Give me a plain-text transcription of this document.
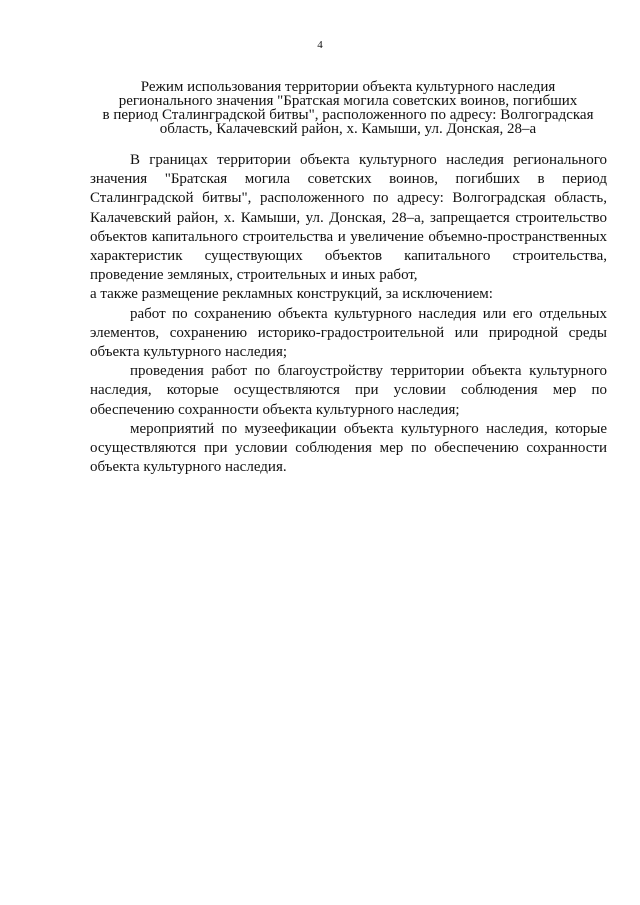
4
Режим использования территории объекта культурного наследия
регионального значения "Братская могила советских воинов, погибших
в период Сталинградской битвы", расположенного по адресу: Волгоградская
область, Калачевский район, х. Камыши, ул. Донская, 28–а

В границах территории объекта культурного наследия регионального значения "Братская могила советских воинов, погибших в период Сталинградской битвы", расположенного по адресу: Волгоградская область, Калачевский район, х. Камыши, ул. Донская, 28–а, запрещается строительство объектов капитального строительства и увеличение объемно-пространственных характеристик существующих объектов капитального строительства, проведение земляных, строительных и иных работ,

а также размещение рекламных конструкций, за исключением:

работ по сохранению объекта культурного наследия или его отдельных элементов, сохранению историко-градостроительной или природной среды объекта культурного наследия;

проведения работ по благоустройству территории объекта культурного наследия, которые осуществляются при условии соблюдения мер по обеспечению сохранности объекта культурного наследия;

мероприятий по музеефикации объекта культурного наследия, которые осуществляются при условии соблюдения мер по обеспечению сохранности объекта культурного наследия.
